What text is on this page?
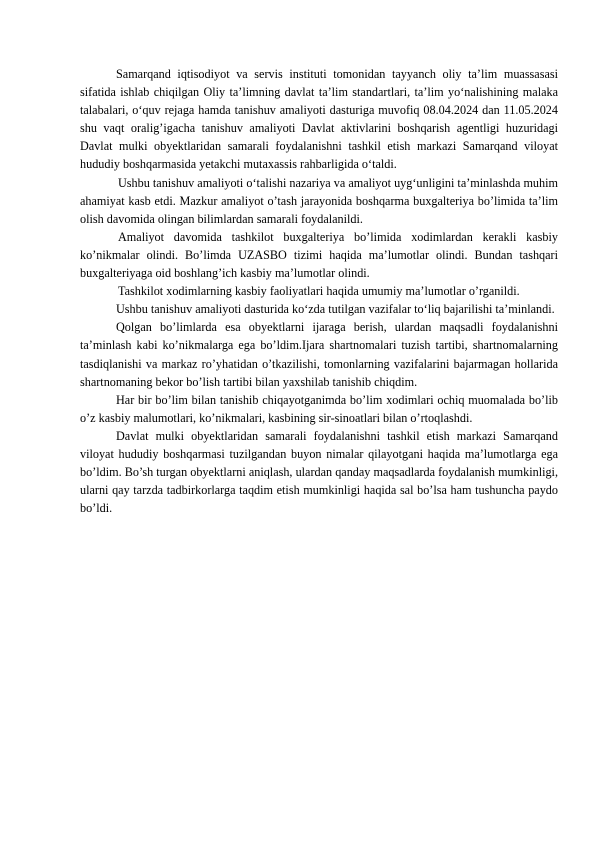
Samarqand iqtisodiyot va servis instituti tomonidan tayyanch oliy ta’lim muassasasi sifatida ishlab chiqilgan Oliy ta’limning davlat ta’lim standartlari, ta’lim yo‘nalishining malaka talabalari, o‘quv rejaga hamda tanishuv amaliyoti dasturiga muvofiq 08.04.2024 dan 11.05.2024 shu vaqt oralig’igacha tanishuv amaliyoti Davlat aktivlarini boshqarish agentligi huzuridagi Davlat mulki obyektlaridan samarali foydalanishni tashkil etish markazi Samarqand viloyat hududiy boshqarmasida yetakchi mutaxassis rahbarligida o‘taldi.

Ushbu tanishuv amaliyoti o‘talishi nazariya va amaliyot uyg‘unligini ta’minlashda muhim ahamiyat kasb etdi. Mazkur amaliyot o’tash jarayonida boshqarma buxgalteriya bo’limida ta’lim olish davomida olingan bilimlardan samarali foydalanildi.

Amaliyot davomida tashkilot buxgalteriya bo’limida xodimlardan kerakli kasbiy ko’nikmalar olindi. Bo’limda UZASBO tizimi haqida ma’lumotlar olindi. Bundan tashqari buxgalteriyaga oid boshlang’ich kasbiy ma’lumotlar olindi.

Tashkilot xodimlarning kasbiy faoliyatlari haqida umumiy ma’lumotlar o’rganildi.

Ushbu tanishuv amaliyoti dasturida ko‘zda tutilgan vazifalar to‘liq bajarilishi ta’minlandi.

Qolgan bo’limlarda esa obyektlarni ijaraga berish, ulardan maqsadli foydalanishni ta’minlash kabi ko’nikmalarga ega bo’ldim.Ijara shartnomalari tuzish tartibi, shartnomalarning tasdiqlanishi va markaz ro’yhatidan o’tkazilishi, tomonlarning vazifalarini bajarmagan hollarida shartnomaning bekor bo’lish tartibi bilan yaxshilab tanishib chiqdim.

Har bir bo’lim bilan tanishib chiqayotganimda bo’lim xodimlari ochiq muomalada bo’lib o’z kasbiy malumotlari, ko’nikmalari, kasbining sir-sinoatlari bilan o’rtoqlashdi.

Davlat mulki obyektlaridan samarali foydalanishni tashkil etish markazi Samarqand viloyat hududiy boshqarmasi tuzilgandan buyon nimalar qilayotgani haqida ma’lumotlarga ega bo’ldim. Bo’sh turgan obyektlarni aniqlash, ulardan qanday maqsadlarda foydalanish mumkinligi, ularni qay tarzda tadbirkorlarga taqdim etish mumkinligi haqida sal bo’lsa ham tushuncha paydo bo’ldi.
